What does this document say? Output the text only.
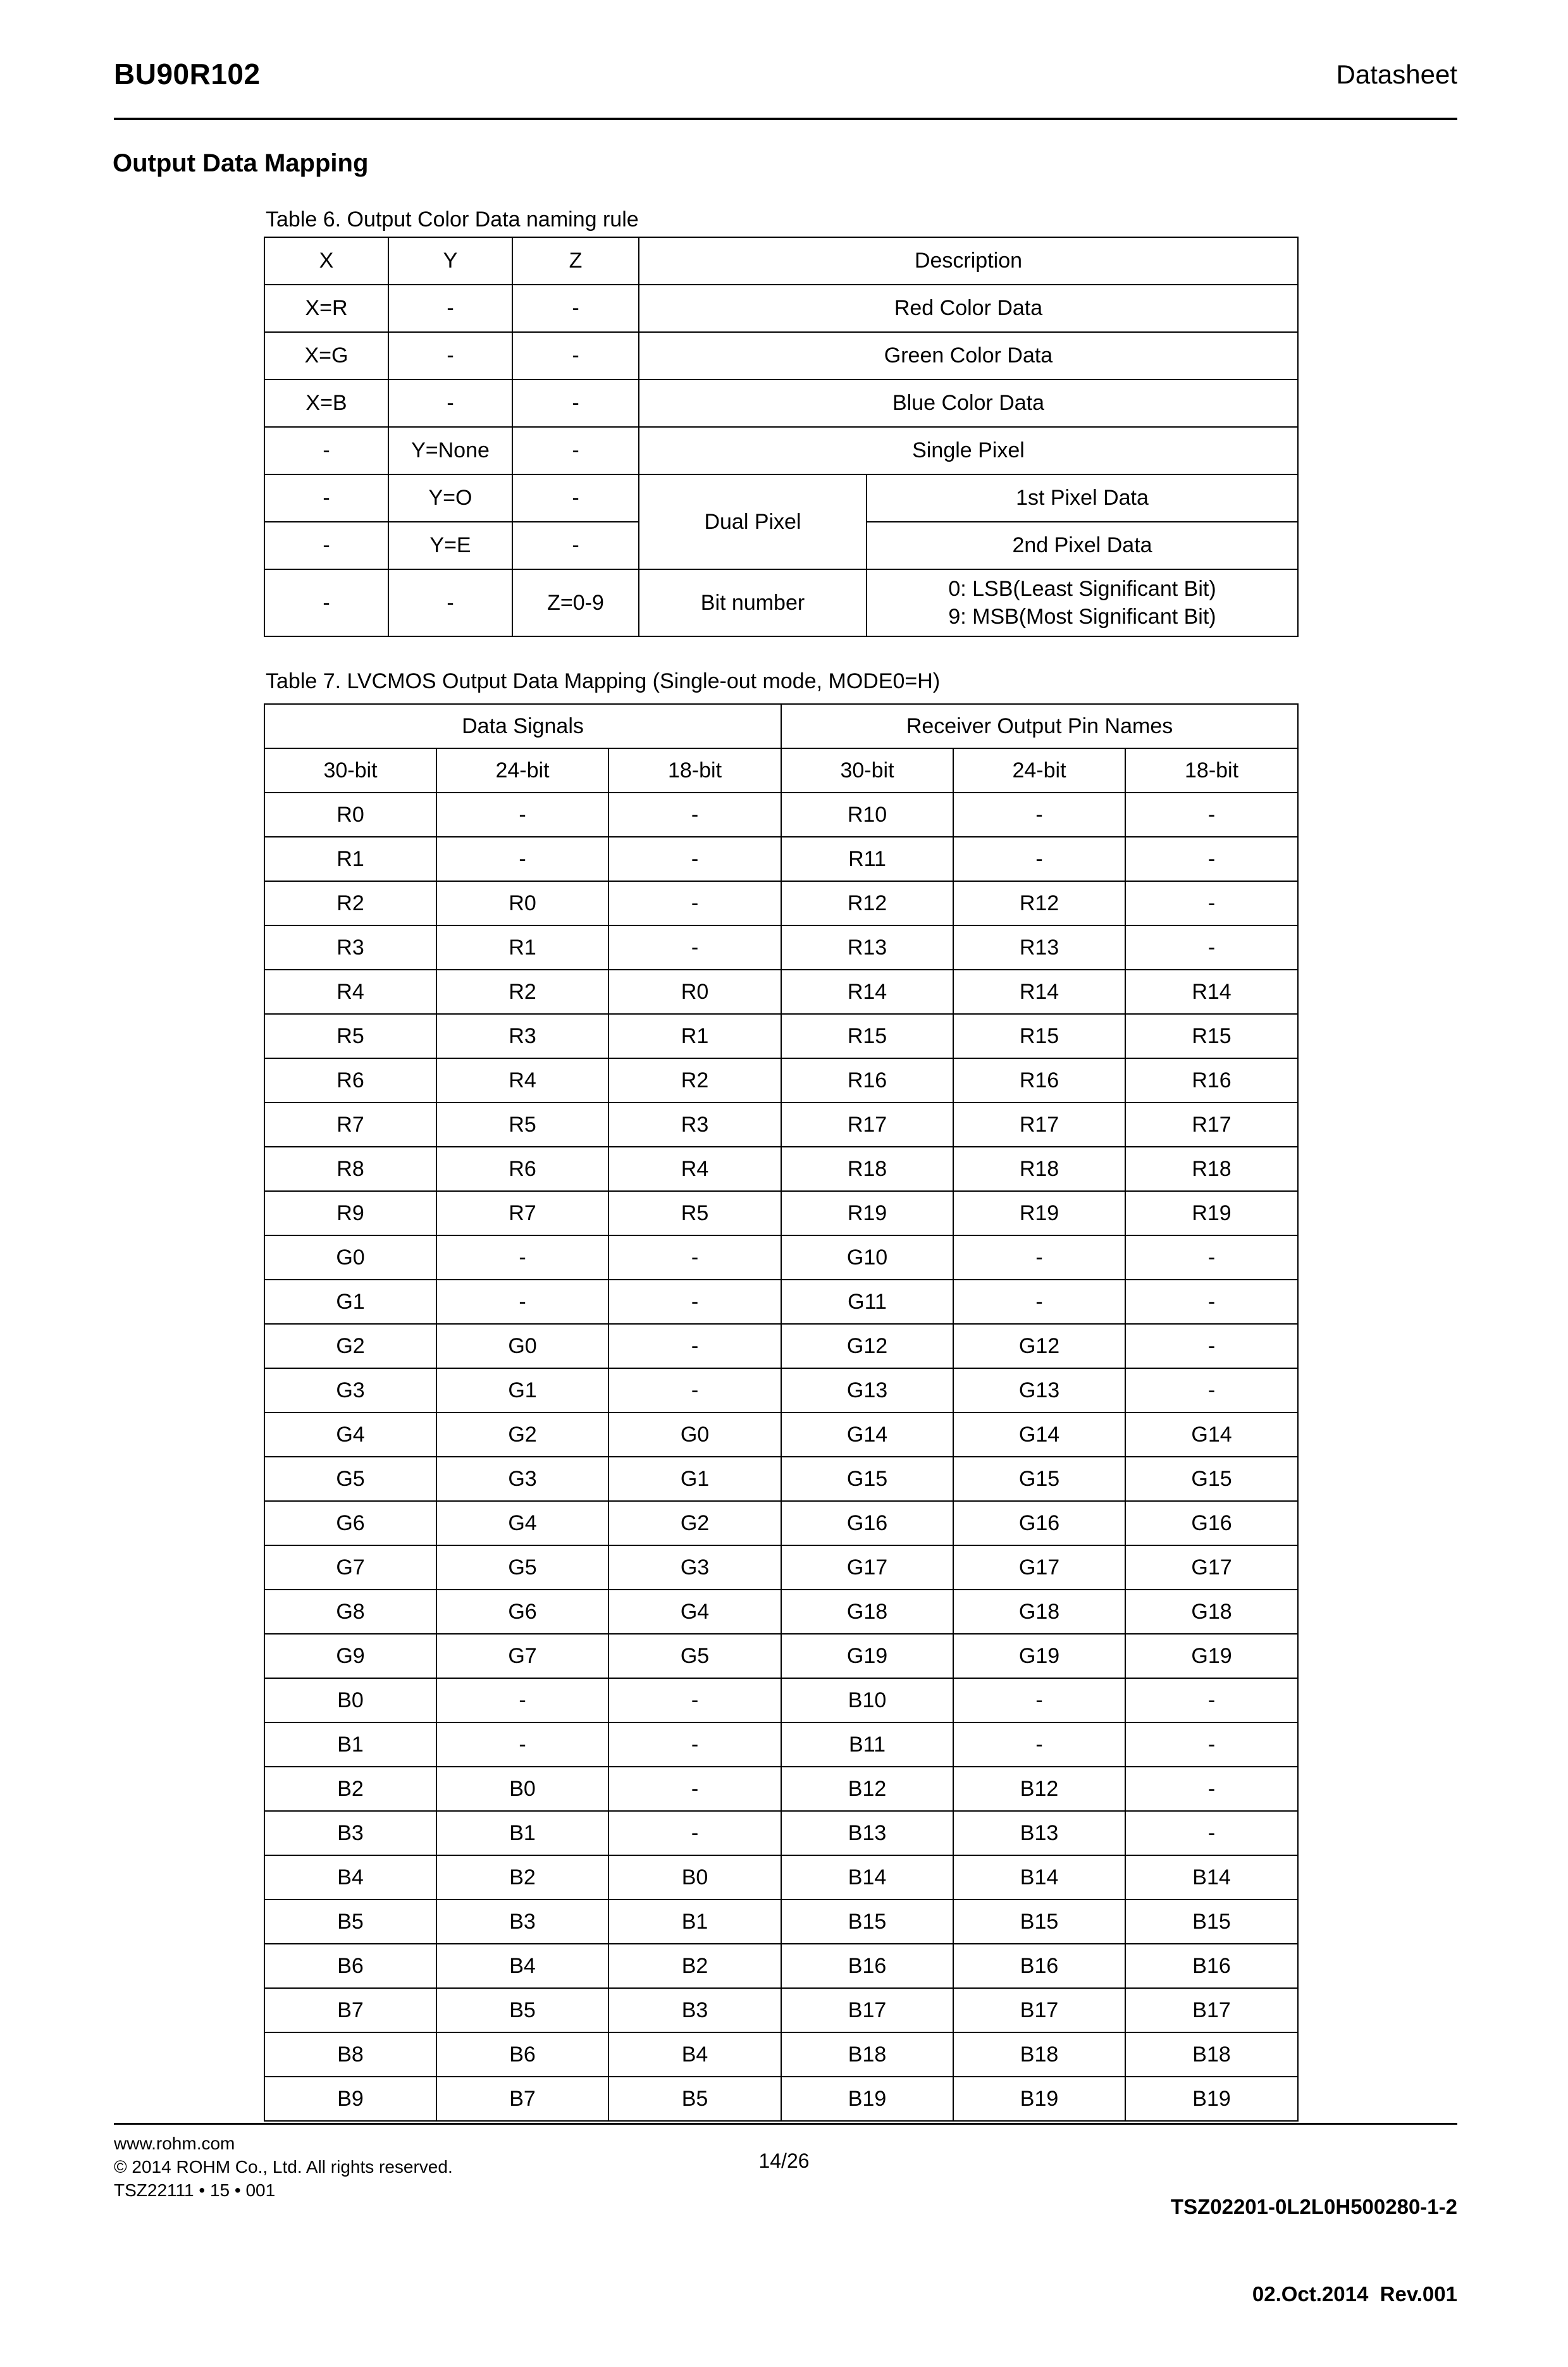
BU90R102	Datasheet
Output Data Mapping
Table 6. Output Color Data naming rule
X	Y	Z	Description	
X=R	-	-	Red Color Data	
X=G	-	-	Green Color Data	
X=B	-	-	Blue Color Data	
-	Y=None	-	Single Pixel	
-	Y=O	-	Dual Pixel	1st Pixel Data
-	Y=E	-		2nd Pixel Data
-	-	Z=0-9	Bit number	0: LSB(Least Significant Bit)
9: MSB(Most Significant Bit)
Table 7. LVCMOS Output Data Mapping (Single-out mode, MODE0=H)
Data Signals			Receiver Output Pin Names		
30-bit	24-bit	18-bit	30-bit	24-bit	18-bit
R0	-	-	R10	-	-
R1	-	-	R11	-	-
R2	R0	-	R12	R12	-
R3	R1	-	R13	R13	-
R4	R2	R0	R14	R14	R14
R5	R3	R1	R15	R15	R15
R6	R4	R2	R16	R16	R16
R7	R5	R3	R17	R17	R17
R8	R6	R4	R18	R18	R18
R9	R7	R5	R19	R19	R19
G0	-	-	G10	-	-
G1	-	-	G11	-	-
G2	G0	-	G12	G12	-
G3	G1	-	G13	G13	-
G4	G2	G0	G14	G14	G14
G5	G3	G1	G15	G15	G15
G6	G4	G2	G16	G16	G16
G7	G5	G3	G17	G17	G17
G8	G6	G4	G18	G18	G18
G9	G7	G5	G19	G19	G19
B0	-	-	B10	-	-
B1	-	-	B11	-	-
B2	B0	-	B12	B12	-
B3	B1	-	B13	B13	-
B4	B2	B0	B14	B14	B14
B5	B3	B1	B15	B15	B15
B6	B4	B2	B16	B16	B16
B7	B5	B3	B17	B17	B17
B8	B6	B4	B18	B18	B18
B9	B7	B5	B19	B19	B19
www.rohm.com
© 2014 ROHM Co., Ltd. All rights reserved.
TSZ22111 • 15 • 001
14/26

TSZ02201-0L2L0H500280-1-2

02.Oct.2014  Rev.001
